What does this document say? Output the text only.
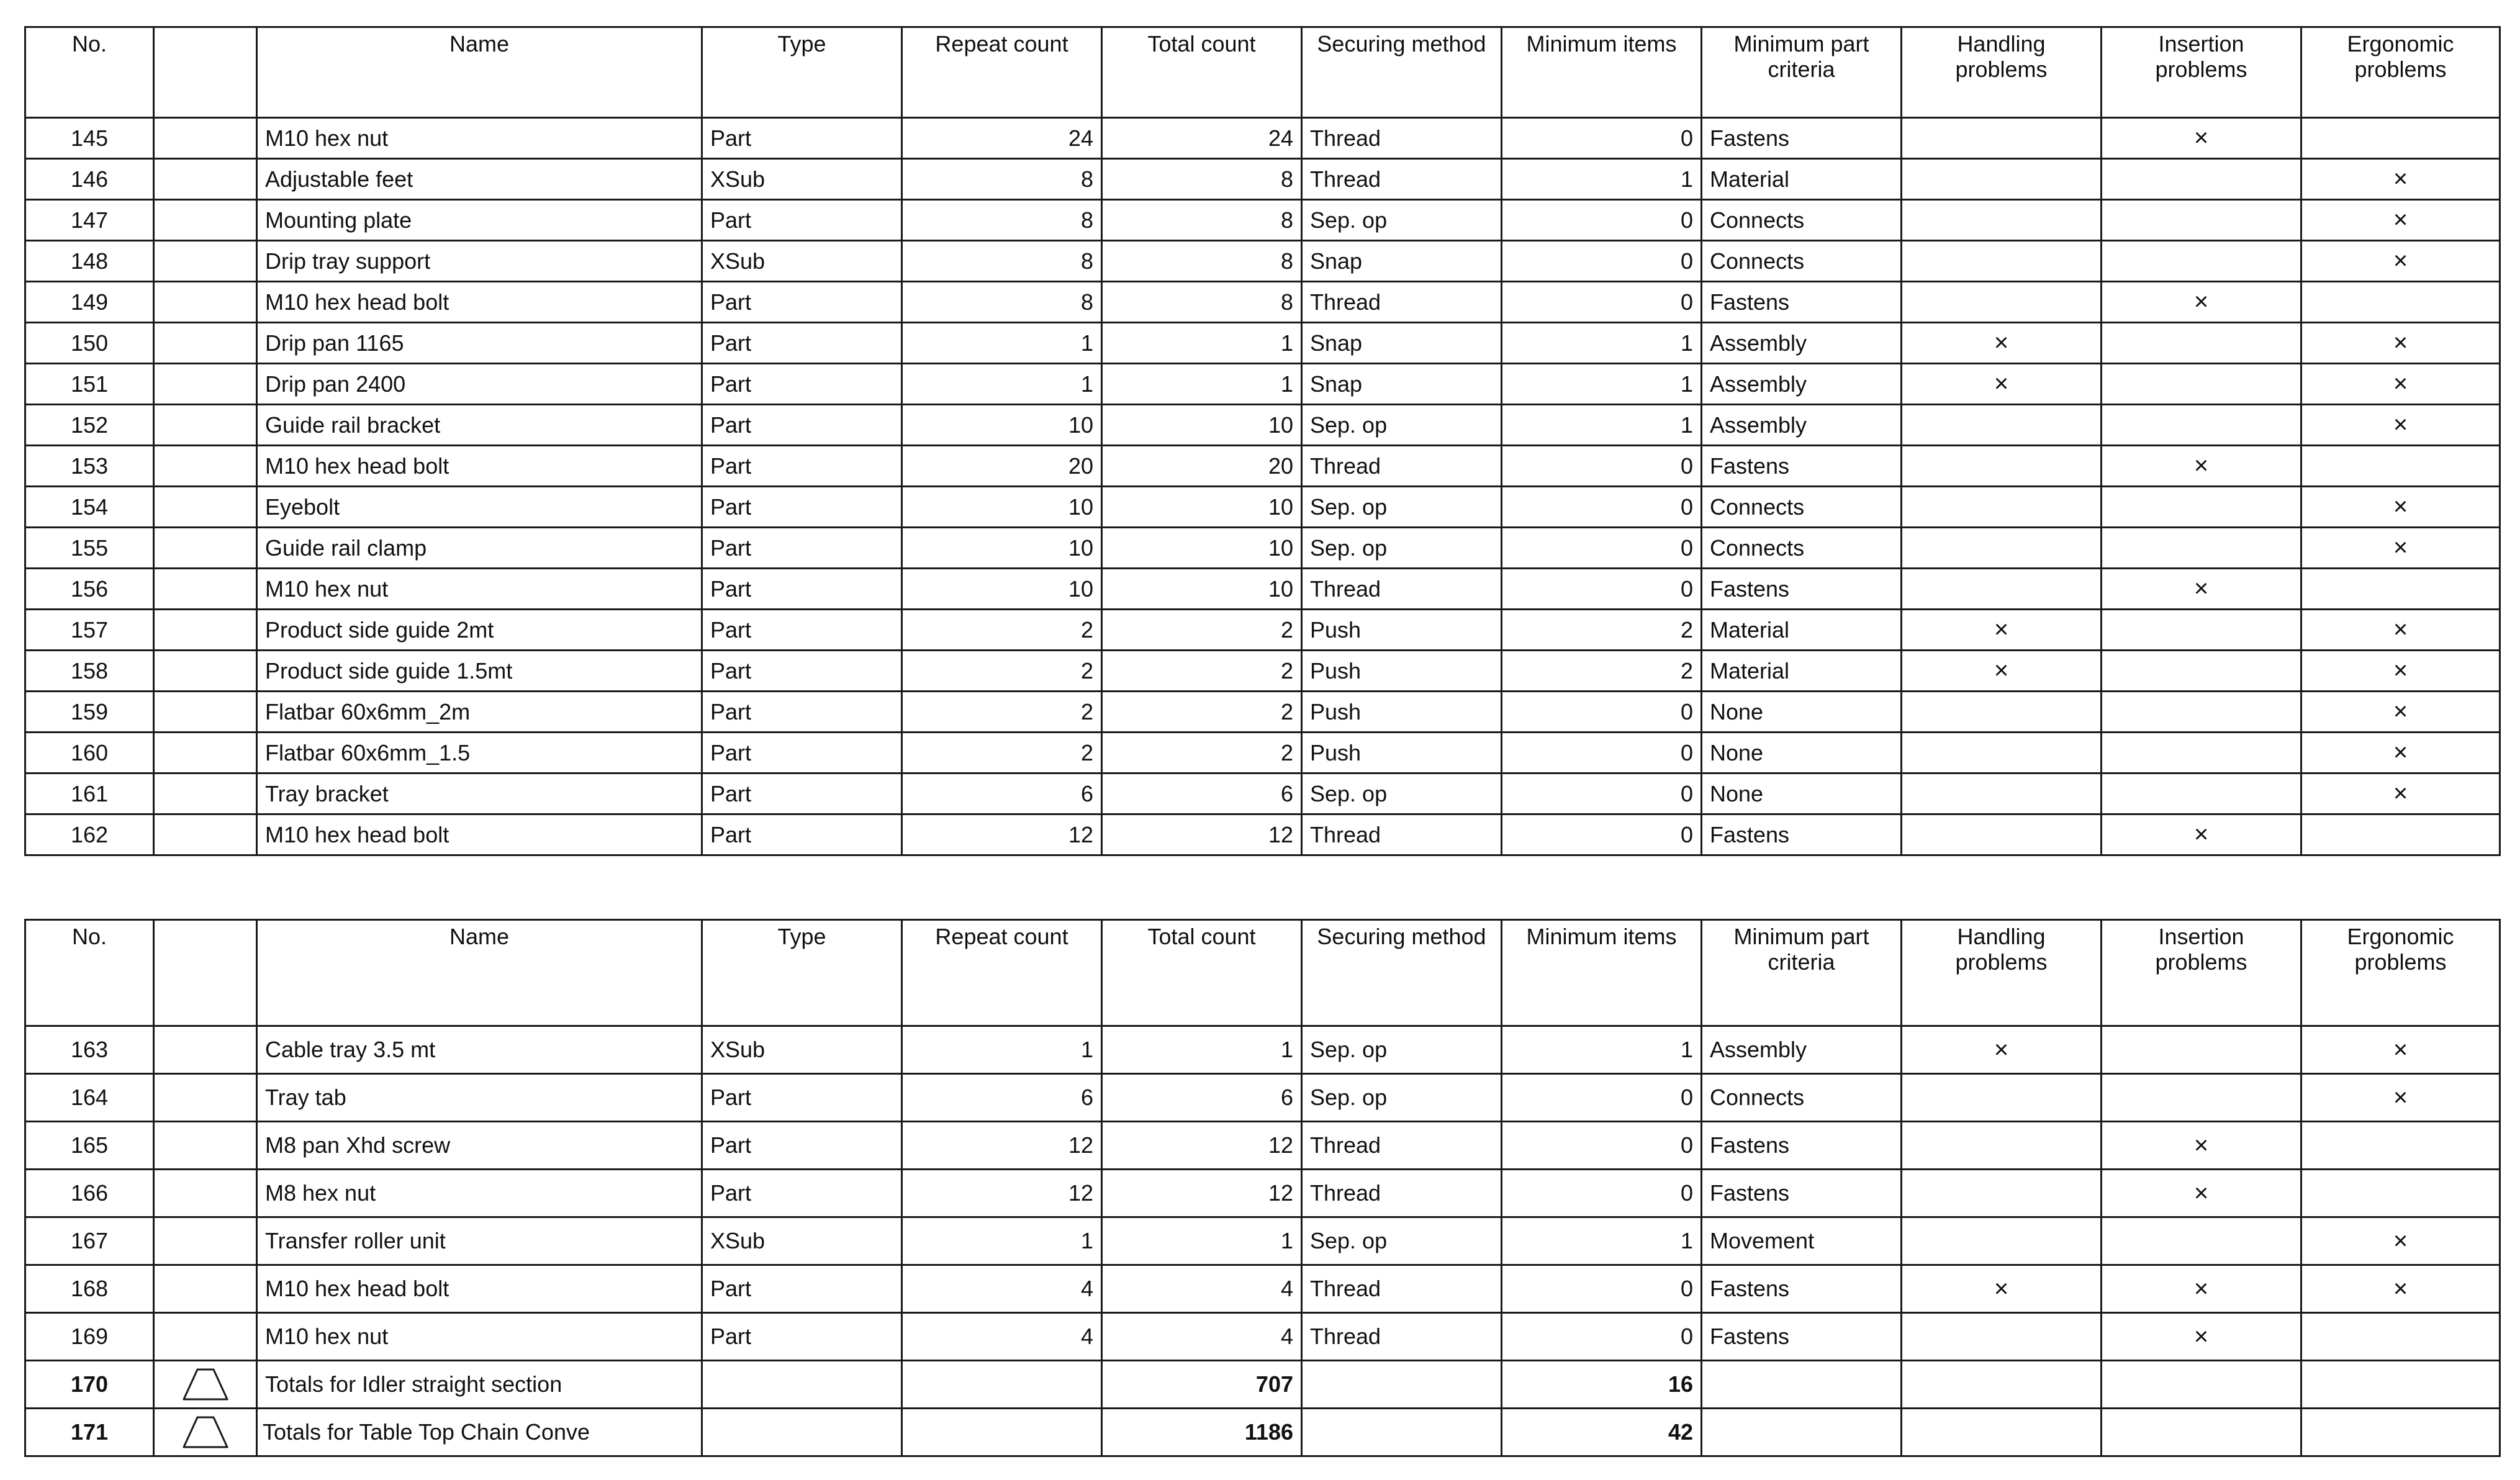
No.		Name	Type	Repeat count	Total count	Securing method	Minimum items	Minimum part criteria	Handling problems	Insertion problems	Ergonomic problems
145		M10 hex nut	Part	24	24	Thread	0	Fastens		×	
146		Adjustable feet	XSub	8	8	Thread	1	Material			×
147		Mounting plate	Part	8	8	Sep. op	0	Connects			×
148		Drip tray support	XSub	8	8	Snap	0	Connects			×
149		M10 hex head bolt	Part	8	8	Thread	0	Fastens		×	
150		Drip pan 1165	Part	1	1	Snap	1	Assembly	×		×
151		Drip pan 2400	Part	1	1	Snap	1	Assembly	×		×
152		Guide rail bracket	Part	10	10	Sep. op	1	Assembly			×
153		M10 hex head bolt	Part	20	20	Thread	0	Fastens		×	
154		Eyebolt	Part	10	10	Sep. op	0	Connects			×
155		Guide rail clamp	Part	10	10	Sep. op	0	Connects			×
156		M10 hex nut	Part	10	10	Thread	0	Fastens		×	
157		Product side guide 2mt	Part	2	2	Push	2	Material	×		×
158		Product side guide 1.5mt	Part	2	2	Push	2	Material	×		×
159		Flatbar 60x6mm_2m	Part	2	2	Push	0	None			×
160		Flatbar 60x6mm_1.5	Part	2	2	Push	0	None			×
161		Tray bracket	Part	6	6	Sep. op	0	None			×
162		M10 hex head bolt	Part	12	12	Thread	0	Fastens		×	
No.		Name	Type	Repeat count	Total count	Securing method	Minimum items	Minimum part criteria	Handling problems	Insertion problems	Ergonomic problems
163		Cable tray 3.5 mt	XSub	1	1	Sep. op	1	Assembly	×		×
164		Tray tab	Part	6	6	Sep. op	0	Connects			×
165		M8 pan Xhd screw	Part	12	12	Thread	0	Fastens		×	
166		M8 hex nut	Part	12	12	Thread	0	Fastens		×	
167		Transfer roller unit	XSub	1	1	Sep. op	1	Movement			×
168		M10 hex head bolt	Part	4	4	Thread	0	Fastens	×	×	×
169		M10 hex nut	Part	4	4	Thread	0	Fastens		×	
170		Totals for Idler straight section			707		16				
171		Totals for Table Top Chain Conve			1186		42				
